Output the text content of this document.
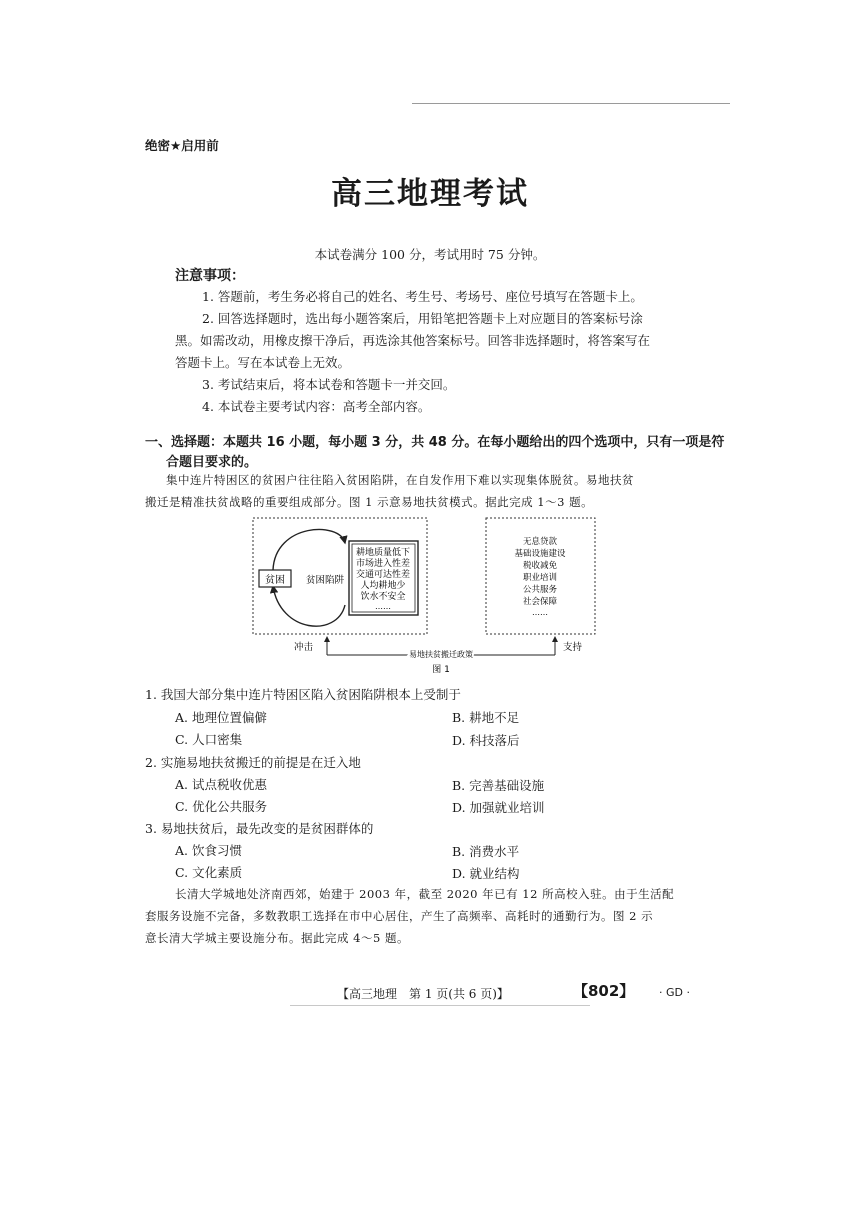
绝密★启用前
高三地理考试
本试卷满分 100 分，考试用时 75 分钟。
注意事项：
1. 答题前，考生务必将自己的姓名、考生号、考场号、座位号填写在答题卡上。
2. 回答选择题时，选出每小题答案后，用铅笔把答题卡上对应题目的答案标号涂
黑。如需改动，用橡皮擦干净后，再选涂其他答案标号。回答非选择题时，将答案写在
答题卡上。写在本试卷上无效。
3. 考试结束后，将本试卷和答题卡一并交回。
4. 本试卷主要考试内容：高考全部内容。
一、选择题：本题共 16 小题，每小题 3 分，共 48 分。在每小题给出的四个选项中，只有一项是符
合题目要求的。
集中连片特困区的贫困户往往陷入贫困陷阱，在自发作用下难以实现集体脱贫。易地扶贫
搬迁是精准扶贫战略的重要组成部分。图 1 示意易地扶贫模式。据此完成 1～3 题。
贫困 贫困陷阱
耕地质量低下
市场进入性差
交通可达性差
人均耕地少
饮水不安全
……
无息贷款
基础设施建设
税收减免
职业培训
公共服务
社会保障
……
冲击
易地扶贫搬迁政策
支持
图 1
1. 我国大部分集中连片特困区陷入贫困陷阱根本上受制于
A. 地理位置偏僻	B. 耕地不足
C. 人口密集	D. 科技落后
2. 实施易地扶贫搬迁的前提是在迁入地
A. 试点税收优惠	B. 完善基础设施
C. 优化公共服务	D. 加强就业培训
3. 易地扶贫后，最先改变的是贫困群体的
A. 饮食习惯	B. 消费水平
C. 文化素质	D. 就业结构
长清大学城地处济南西郊，始建于 2003 年，截至 2020 年已有 12 所高校入驻。由于生活配
套服务设施不完备，多数教职工选择在市中心居住，产生了高频率、高耗时的通勤行为。图 2 示
意长清大学城主要设施分布。据此完成 4～5 题。
【高三地理　第 1 页(共 6 页)】	【802】 · GD ·
